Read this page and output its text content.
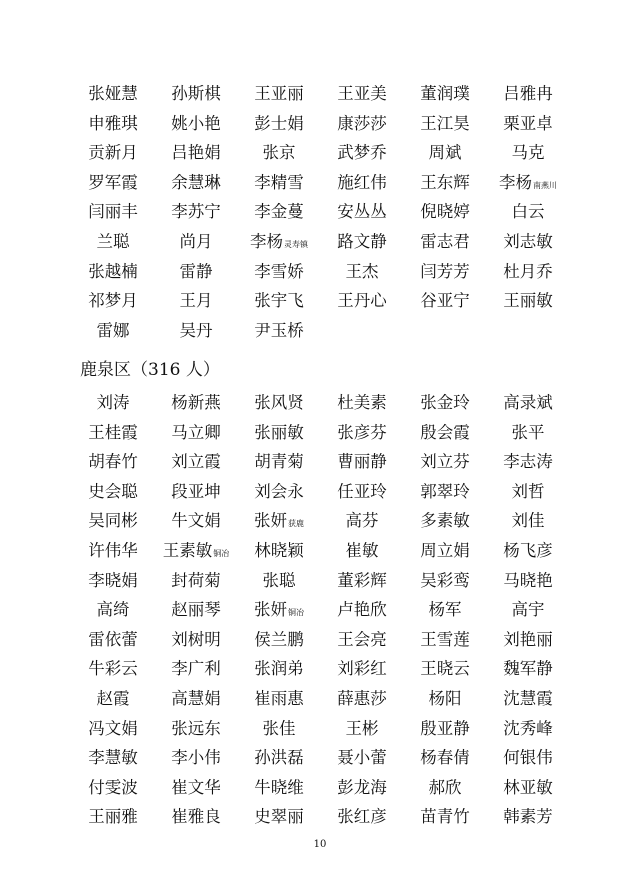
张娅慧	孙斯棋	王亚丽	王亚美	董润璞	吕雅冉
申雅琪	姚小艳	彭士娟	康莎莎	王江昊	栗亚卓
贡新月	吕艳娟	张京	武梦乔	周斌	马克
罗军霞	余慧琳	李精雪	施红伟	王东辉	李杨南燕川
闫丽丰	李苏宁	李金蔓	安丛丛	倪晓婷	白云
兰聪	尚月	李杨灵寿镇	路文静	雷志君	刘志敏
张越楠	雷静	李雪娇	王杰	闫芳芳	杜月乔
祁梦月	王月	张宇飞	王丹心	谷亚宁	王丽敏
雷娜	吴丹	尹玉桥
鹿泉区（316 人）
刘涛	杨新燕	张风贤	杜美素	张金玲	高录斌
王桂霞	马立卿	张丽敏	张彦芬	殷会霞	张平
胡春竹	刘立霞	胡青菊	曹丽静	刘立芬	李志涛
史会聪	段亚坤	刘会永	任亚玲	郭翠玲	刘哲
吴同彬	牛文娟	张妍获鹿	高芬	多素敏	刘佳
许伟华	王素敏铜冶	林晓颖	崔敏	周立娟	杨飞彦
李晓娟	封荷菊	张聪	董彩辉	吴彩鸾	马晓艳
高绮	赵丽琴	张妍铜冶	卢艳欣	杨军	高宇
雷依蕾	刘树明	侯兰鹏	王会亮	王雪莲	刘艳丽
牛彩云	李广利	张润弟	刘彩红	王晓云	魏军静
赵霞	高慧娟	崔雨惠	薛惠莎	杨阳	沈慧霞
冯文娟	张远东	张佳	王彬	殷亚静	沈秀峰
李慧敏	李小伟	孙洪磊	聂小蕾	杨春倩	何银伟
付雯波	崔文华	牛晓维	彭龙海	郝欣	林亚敏
王丽雅	崔雅良	史翠丽	张红彦	苗青竹	韩素芳
10
